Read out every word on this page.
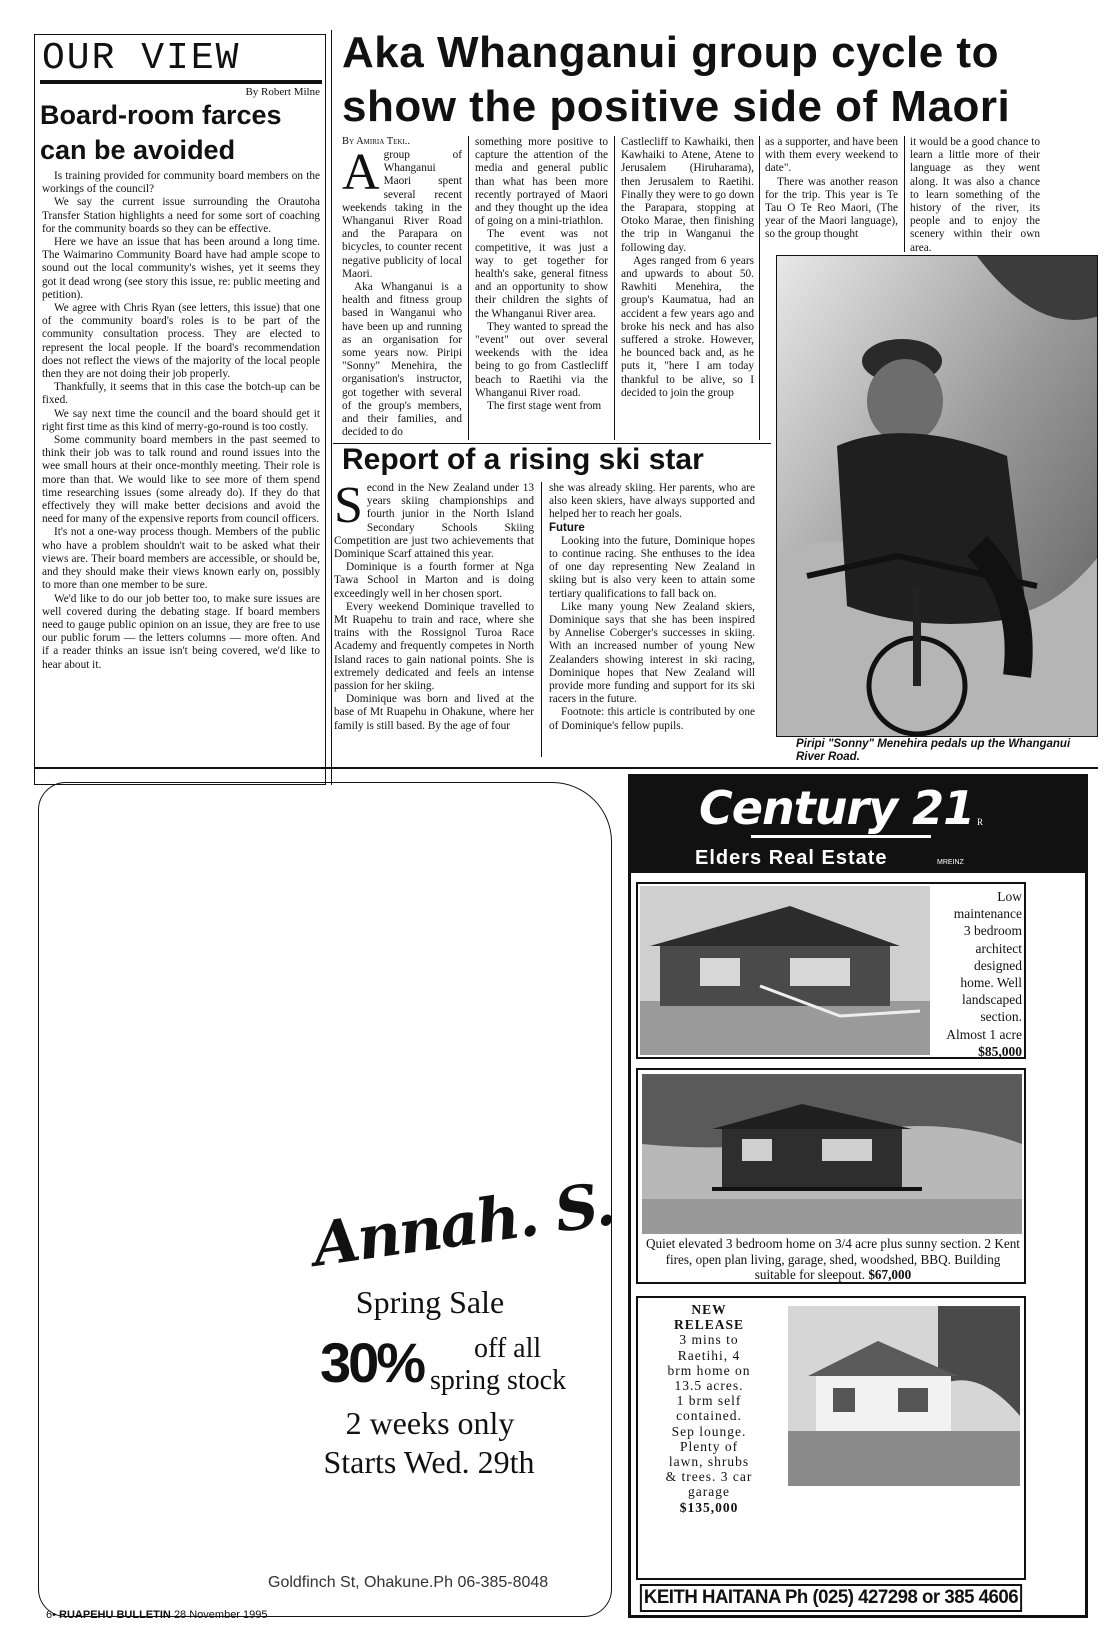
OUR VIEW
By Robert Milne
Board-room farces
can be avoided

Is training provided for community board members on the workings of the council?

We say the current issue surrounding the Orautoha Transfer Station highlights a need for some sort of coaching for the community boards so they can be effective.

Here we have an issue that has been around a long time. The Waimarino Community Board have had ample scope to sound out the local community's wishes, yet it seems they got it dead wrong (see story this issue, re: public meeting and petition).

We agree with Chris Ryan (see letters, this issue) that one of the community board's roles is to be part of the community consultation process. They are elected to represent the local people. If the board's recommendation does not reflect the views of the majority of the local people then they are not doing their job properly.

Thankfully, it seems that in this case the botch-up can be fixed.

We say next time the council and the board should get it right first time as this kind of merry-go-round is too costly.

Some community board members in the past seemed to think their job was to talk round and round issues into the wee small hours at their once-monthly meeting. Their role is more than that. We would like to see more of them spend time researching issues (some already do). If they do that effectively they will make better decisions and avoid the need for many of the expensive reports from council officers.

It's not a one-way process though. Members of the public who have a problem shouldn't wait to be asked what their views are. Their board members are accessible, or should be, and they should make their views known early on, possibly to more than one member to be sure.

We'd like to do our job better too, to make sure issues are well covered during the debating stage. If board members need to gauge public opinion on an issue, they are free to use our public forum — the letters columns — more often. And if a reader thinks an issue isn't being covered, we'd like to hear about it.

Aka Whanganui group cycle to
show the positive side of Maori
By Amiria Teki..

Agroup of Whanganui Maori spent several recent weekends taking in the Whanganui River Road and the Parapara on bicycles, to counter recent negative publicity of local Maori.

Aka Whanganui is a health and fitness group based in Wanganui who have been up and running as an organisation for some years now. Piripi "Sonny" Menehira, the organisation's instructor, got together with several of the group's members, and their families, and decided to do

something more positive to capture the attention of the media and general public than what has been more recently portrayed of Maori and they thought up the idea of going on a mini-triathlon.

The event was not competitive, it was just a way to get together for health's sake, general fitness and an opportunity to show their children the sights of the Whanganui River area.

They wanted to spread the "event" out over several weekends with the idea being to go from Castlecliff beach to Raetihi via the Whanganui River road.

The first stage went from

Castlecliff to Kawhaiki, then Kawhaiki to Atene, Atene to Jerusalem (Hiruharama), then Jerusalem to Raetihi. Finally they were to go down the Parapara, stopping at Otoko Marae, then finishing the trip in Wanganui the following day.

Ages ranged from 6 years and upwards to about 50. Rawhiti Menehira, the group's Kaumatua, had an accident a few years ago and broke his neck and has also suffered a stroke. However, he bounced back and, as he puts it, "here I am today thankful to be alive, so I decided to join the group

as a supporter, and have been with them every weekend to date".

There was another reason for the trip. This year is Te Tau O Te Reo Maori, (The year of the Maori language), so the group thought

it would be a good chance to learn a little more of their language as they went along. It was also a chance to learn something of the history of the river, its people and to enjoy the scenery within their own area.

Piripi "Sonny" Menehira pedals up the Whanganui River Road.
Report of a rising ski star

Second in the New Zealand under 13 years skiing championships and fourth junior in the North Island Secondary Schools Skiing Competition are just two achievements that Dominique Scarf attained this year.

Dominique is a fourth former at Nga Tawa School in Marton and is doing exceedingly well in her chosen sport.

Every weekend Dominique travelled to Mt Ruapehu to train and race, where she trains with the Rossignol Turoa Race Academy and frequently competes in North Island races to gain national points. She is extremely dedicated and feels an intense passion for her skiing.

Dominique was born and lived at the base of Mt Ruapehu in Ohakune, where her family is still based. By the age of four

she was already skiing. Her parents, who are also keen skiers, have always supported and helped her to reach her goals.

Future

Looking into the future, Dominique hopes to continue racing. She enthuses to the idea of one day representing New Zealand in skiing but is also very keen to attain some tertiary qualifications to fall back on.

Like many young New Zealand skiers, Dominique says that she has been inspired by Annelise Coberger's successes in skiing. With an increased number of young New Zealanders showing interest in ski racing, Dominique hopes that New Zealand will provide more funding and support for its ski racers in the future.

Footnote: this article is contributed by one of Dominique's fellow pupils.

Annah. S.
Spring Sale
30% off all
spring stock
2 weeks only
Starts Wed. 29th
Goldfinch St, Ohakune.Ph 06-385-8048
Century 21 R
Elders Real Estate	MREINZ
Low
maintenance
3 bedroom
architect
designed
home. Well
landscaped
section.
Almost 1 acre
$85,000
Quiet elevated 3 bedroom home on 3/4 acre plus sunny section. 2 Kent fires, open plan living, garage, shed, woodshed, BBQ. Building suitable for sleepout. $67,000
NEW
RELEASE
3 mins to
Raetihi, 4
brm home on
13.5 acres.
1 brm self
contained.
Sep lounge.
Plenty of
lawn, shrubs
& trees. 3 car
garage
$135,000
KEITH HAITANA Ph (025) 427298 or 385 4606
6• RUAPEHU BULLETIN 28 November 1995
